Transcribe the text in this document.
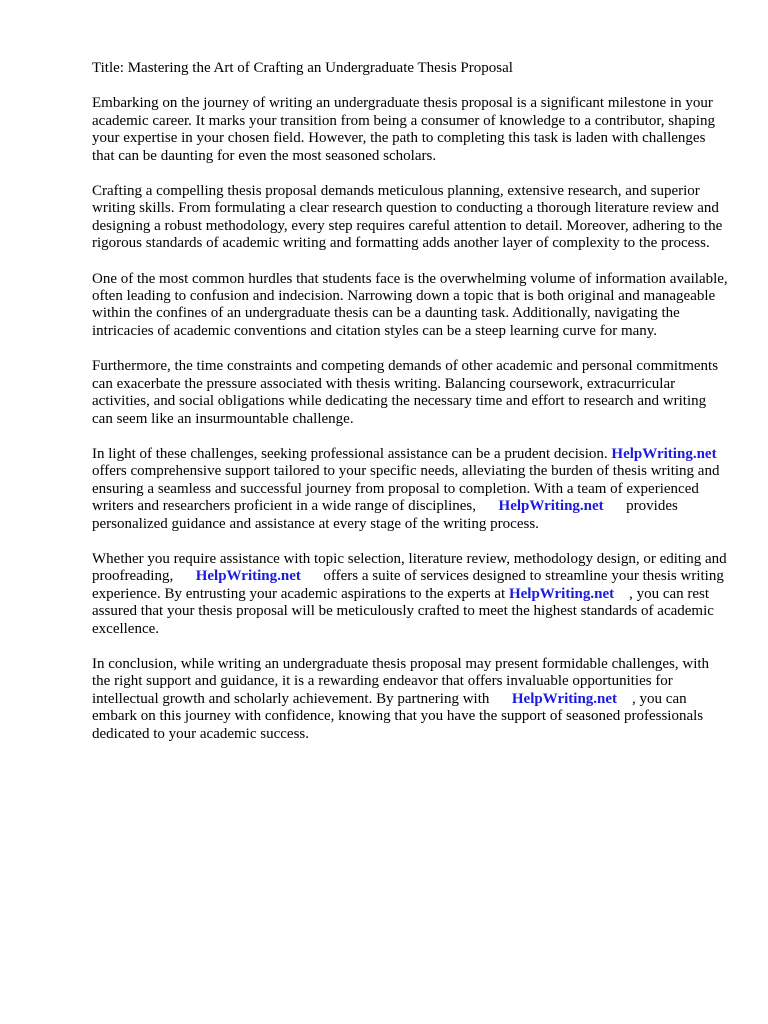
Title: Mastering the Art of Crafting an Undergraduate Thesis Proposal

Embarking on the journey of writing an undergraduate thesis proposal is a significant milestone in your academic career. It marks your transition from being a consumer of knowledge to a contributor, shaping your expertise in your chosen field. However, the path to completing this task is laden with challenges that can be daunting for even the most seasoned scholars.

Crafting a compelling thesis proposal demands meticulous planning, extensive research, and superior writing skills. From formulating a clear research question to conducting a thorough literature review and designing a robust methodology, every step requires careful attention to detail. Moreover, adhering to the rigorous standards of academic writing and formatting adds another layer of complexity to the process.

One of the most common hurdles that students face is the overwhelming volume of information available, often leading to confusion and indecision. Narrowing down a topic that is both original and manageable within the confines of an undergraduate thesis can be a daunting task. Additionally, navigating the intricacies of academic conventions and citation styles can be a steep learning curve for many.

Furthermore, the time constraints and competing demands of other academic and personal commitments can exacerbate the pressure associated with thesis writing. Balancing coursework, extracurricular activities, and social obligations while dedicating the necessary time and effort to research and writing can seem like an insurmountable challenge.

In light of these challenges, seeking professional assistance can be a prudent decision. HelpWriting.net      offers comprehensive support tailored to your specific needs, alleviating the burden of thesis writing and ensuring a seamless and successful journey from proposal to completion. With a team of experienced writers and researchers proficient in a wide range of disciplines, HelpWriting.net provides personalized guidance and assistance at every stage of the writing process.

Whether you require assistance with topic selection, literature review, methodology design, or editing and proofreading, HelpWriting.net offers a suite of services designed to streamline your thesis writing experience. By entrusting your academic aspirations to the experts at HelpWriting.net , you can rest assured that your thesis proposal will be meticulously crafted to meet the highest standards of academic excellence.

In conclusion, while writing an undergraduate thesis proposal may present formidable challenges, with the right support and guidance, it is a rewarding endeavor that offers invaluable opportunities for intellectual growth and scholarly achievement. By partnering with HelpWriting.net , you can embark on this journey with confidence, knowing that you have the support of seasoned professionals dedicated to your academic success.
